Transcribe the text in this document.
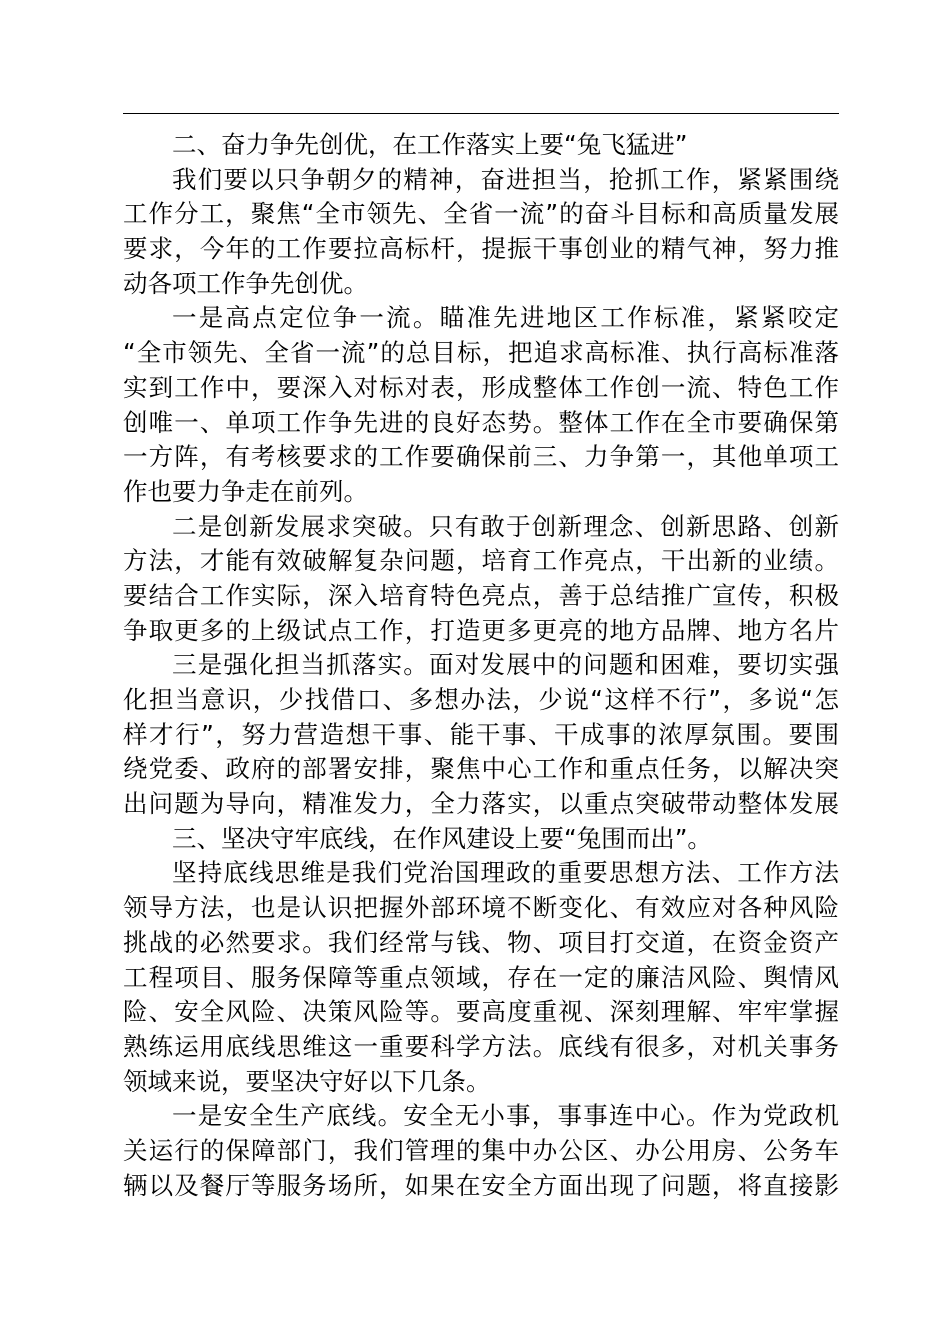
二、奋力争先创优，在工作落实上要“兔飞猛进”
我们要以只争朝夕的精神，奋进担当，抢抓工作，紧紧围绕
工作分工，聚焦“全市领先、全省一流”的奋斗目标和高质量发展
要求，今年的工作要拉高标杆，提振干事创业的精气神，努力推
动各项工作争先创优。
一是高点定位争一流。瞄准先进地区工作标准，紧紧咬定
“全市领先、全省一流”的总目标，把追求高标准、执行高标准落
实到工作中，要深入对标对表，形成整体工作创一流、特色工作
创唯一、单项工作争先进的良好态势。整体工作在全市要确保第
一方阵，有考核要求的工作要确保前三、力争第一，其他单项工
作也要力争走在前列。
二是创新发展求突破。只有敢于创新理念、创新思路、创新
方法，才能有效破解复杂问题，培育工作亮点，干出新的业绩。
要结合工作实际，深入培育特色亮点，善于总结推广宣传，积极
争取更多的上级试点工作，打造更多更亮的地方品牌、地方名片
三是强化担当抓落实。面对发展中的问题和困难，要切实强
化担当意识，少找借口、多想办法，少说“这样不行”，多说“怎
样才行”，努力营造想干事、能干事、干成事的浓厚氛围。要围
绕党委、政府的部署安排，聚焦中心工作和重点任务，以解决突
出问题为导向，精准发力，全力落实，以重点突破带动整体发展
三、坚决守牢底线，在作风建设上要“兔围而出”。
坚持底线思维是我们党治国理政的重要思想方法、工作方法
领导方法，也是认识把握外部环境不断变化、有效应对各种风险
挑战的必然要求。我们经常与钱、物、项目打交道，在资金资产
工程项目、服务保障等重点领域，存在一定的廉洁风险、舆情风
险、安全风险、决策风险等。要高度重视、深刻理解、牢牢掌握
熟练运用底线思维这一重要科学方法。底线有很多，对机关事务
领域来说，要坚决守好以下几条。
一是安全生产底线。安全无小事，事事连中心。作为党政机
关运行的保障部门，我们管理的集中办公区、办公用房、公务车
辆以及餐厅等服务场所，如果在安全方面出现了问题，将直接影
